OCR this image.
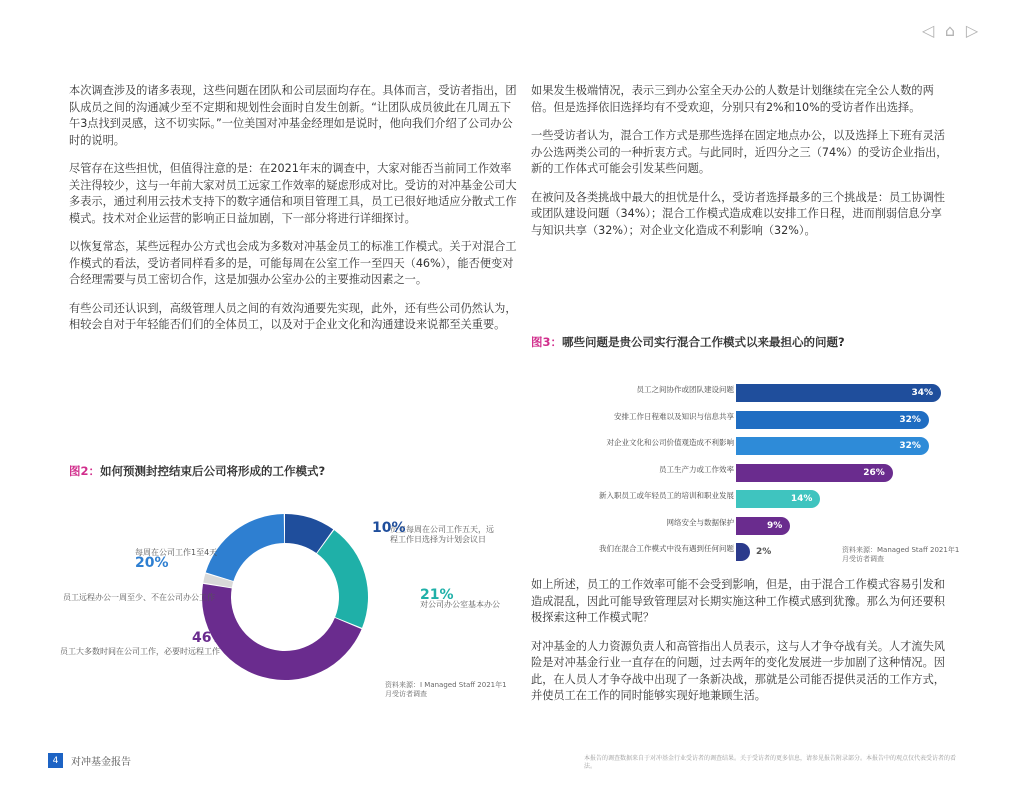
◁ ⌂ ▷

本次调查涉及的诸多表现，这些问题在团队和公司层面均存在。具体而言，受访者指出，团队成员之间的沟通减少至不定期和规划性会面时自发生创新。“让团队成员彼此在几周五下午3点找到灵感，这不切实际。”一位美国对冲基金经理如是说时，他向我们介绍了公司办公时的说明。

尽管存在这些担忧，但值得注意的是：在2021年末的调查中，大家对能否当前同工作效率关注得较少，这与一年前大家对员工远家工作效率的疑虑形成对比。受访的对冲基金公司大多表示，通过利用云技术支持下的数字通信和项目管理工具，员工已很好地适应分散式工作模式。技术对企业运营的影响正日益加剧，下一部分将进行详细探讨。

以恢复常态，某些远程办公方式也会成为多数对冲基金员工的标准工作模式。关于对混合工作模式的看法，受访者同样看多的是，可能每周在公室工作一至四天（46%），能否便变对合经理需要与员工密切合作，这是加强办公室办公的主要推动因素之一。

有些公司还认识到，高级管理人员之间的有效沟通要先实现，此外，还有些公司仍然认为，相较会自对于年轻能否们们的全体员工，以及对于企业文化和沟通建设来说都至关重要。

如果发生极端情况，表示三到办公室全天办公的人数是计划继续在完全公人数的两倍。但是选择依旧选择均有不受欢迎，分别只有2%和10%的受访者作出选择。

一些受访者认为，混合工作方式是那些选择在固定地点办公，以及选择上下班有灵活办公选两类公司的一种折衷方式。与此同时，近四分之三（74%）的受访企业指出，新的工作体式可能会引发某些问题。

在被问及各类挑战中最大的担忧是什么，受访者选择最多的三个挑战是：员工协调性或团队建设问题（34%）；混合工作模式造成难以安排工作日程，进而削弱信息分享与知识共享（32%）；对企业文化造成不利影响（32%）。

图2：如何预测封控结束后公司将形成的工作模式?
10%
员工每周在公司工作五天，远程工作日选择为计划会议日
21%
对公司办公室基本办公
46%
员工大多数时间在公司工作，必要时远程工作
员工远程办公一周至少、不在公司办公工作
每周在公司工作1至4天 20%
资料来源：Ⅰ Managed Staff 2021年1月受访者调查
图3：哪些问题是贵公司实行混合工作模式以来最担心的问题?
员工之间协作或团队建设问题	34%
安排工作日程难以及知识与信息共享	32%
对企业文化和公司价值观造成不利影响	32%
员工生产力或工作效率	26%
新入职员工或年轻员工的培训和职业发展	14%
网络安全与数据保护	9%
我们在混合工作模式中没有遇到任何问题 2%	资料来源：Managed Staff 2021年1月受访者调查

如上所述，员工的工作效率可能不会受到影响，但是，由于混合工作模式容易引发和造成混乱，因此可能导致管理层对长期实施这种工作模式感到犹豫。那么为何还要积极探索这种工作模式呢？

对冲基金的人力资源负责人和高管指出人员表示，这与人才争夺战有关。人才流失风险是对冲基金行业一直存在的问题，过去两年的变化发展进一步加剧了这种情况。因此，在人员人才争夺战中出现了一条新决战，那就是公司能否提供灵活的工作方式，并使员工在工作的同时能够实现好地兼顾生活。

4	对冲基金报告	本报告的调查数据来自于对冲基金行业受访者的调查结果。关于受访者的更多信息，请参见报告附录部分。本报告中的观点仅代表受访者的看法。
